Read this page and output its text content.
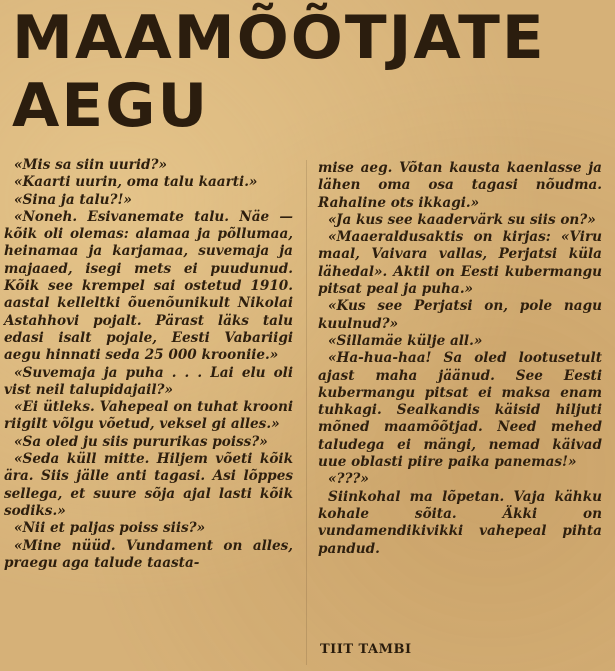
MAAMÕÕTJATE
AEGU

«Mis sa siin uurid?»

«Kaarti uurin, oma talu kaarti.»

«Sina ja talu?!»

«Noneh. Esivanemate talu. Näe — kõik oli olemas: alamaa ja põllumaa, heinamaa ja karjamaa, suvemaja ja majaaed, isegi mets ei puudunud. Kõik see krempel sai ostetud 1910. aastal kelleltki õuenõunikult Nikolai Astahhovi pojalt. Pärast läks talu edasi isalt pojale, Eesti Vabariigi aegu hinnati seda 25 000 krooniie.»

«Suvemaja ja puha . . . Lai elu oli vist neil talupidajail?»

«Ei ütleks. Vahepeal on tuhat krooni riigilt võlgu võetud, veksel gi alles.»

«Sa oled ju siis pururikas poiss?»

«Seda küll mitte. Hiljem võeti kõik ära. Siis jälle anti tagasi. Asi lõppes sellega, et suure sõja ajal lasti kõik sodiks.»

«Nii et paljas poiss siis?»

«Mine nüüd. Vundament on alles, praegu aga talude taasta-

mise aeg. Võtan kausta kaenlasse ja lähen oma osa tagasi nõudma. Rahaline ots ikkagi.»

«Ja kus see kaadervärk su siis on?»

«Maaeraldusaktis on kirjas: «Viru maal, Vaivara vallas, Perjatsi küla lähedal». Aktil on Eesti kubermangu pitsat peal ja puha.»

«Kus see Perjatsi on, pole nagu kuulnud?»

«Sillamäe külje all.»

«Ha-hua-haa! Sa oled lootusetult ajast maha jäänud. See Eesti kubermangu pitsat ei maksa enam tuhkagi. Sealkandis käisid hiljuti mõned maamõõtjad. Need mehed taludega ei mängi, nemad käivad uue oblasti piire paika panemas!»

«???»

Siinkohal ma lõpetan. Vaja kähku kohale sõita. Äkki on vundamendikivikki vahepeal pihta pandud.

TIIT TAMBI
